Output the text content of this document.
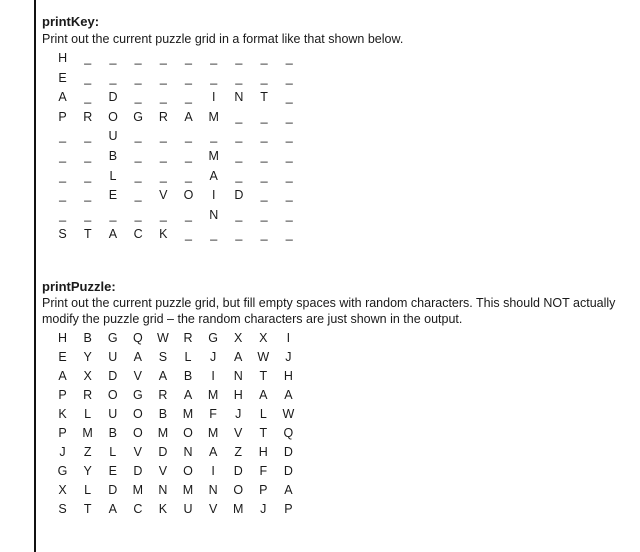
printKey:

Print out the current puzzle grid in a format like that shown below.

H	_	_	_	_	_	_	_	_	_
E	_	_	_	_	_	_	_	_	_
A	_	D	_	_	_	I	N	T	_
P	R	O	G	R	A	M	_	_	_
_	_	U	_	_	_	_	_	_	_
_	_	B	_	_	_	M	_	_	_
_	_	L	_	_	_	A	_	_	_
_	_	E	_	V	O	I	D	_	_
_	_	_	_	_	_	N	_	_	_
S	T	A	C	K	_	_	_	_	_

printPuzzle:

Print out the current puzzle grid, but fill empty spaces with random characters. This should NOT actually

modify the puzzle grid – the random characters are just shown in the output.

H	B	G	Q	W	R	G	X	X	I
E	Y	U	A	S	L	J	A	W	J
A	X	D	V	A	B	I	N	T	H
P	R	O	G	R	A	M	H	A	A
K	L	U	O	B	M	F	J	L	W
P	M	B	O	M	O	M	V	T	Q
J	Z	L	V	D	N	A	Z	H	D
G	Y	E	D	V	O	I	D	F	D
X	L	D	M	N	M	N	O	P	A
S	T	A	C	K	U	V	M	J	P
